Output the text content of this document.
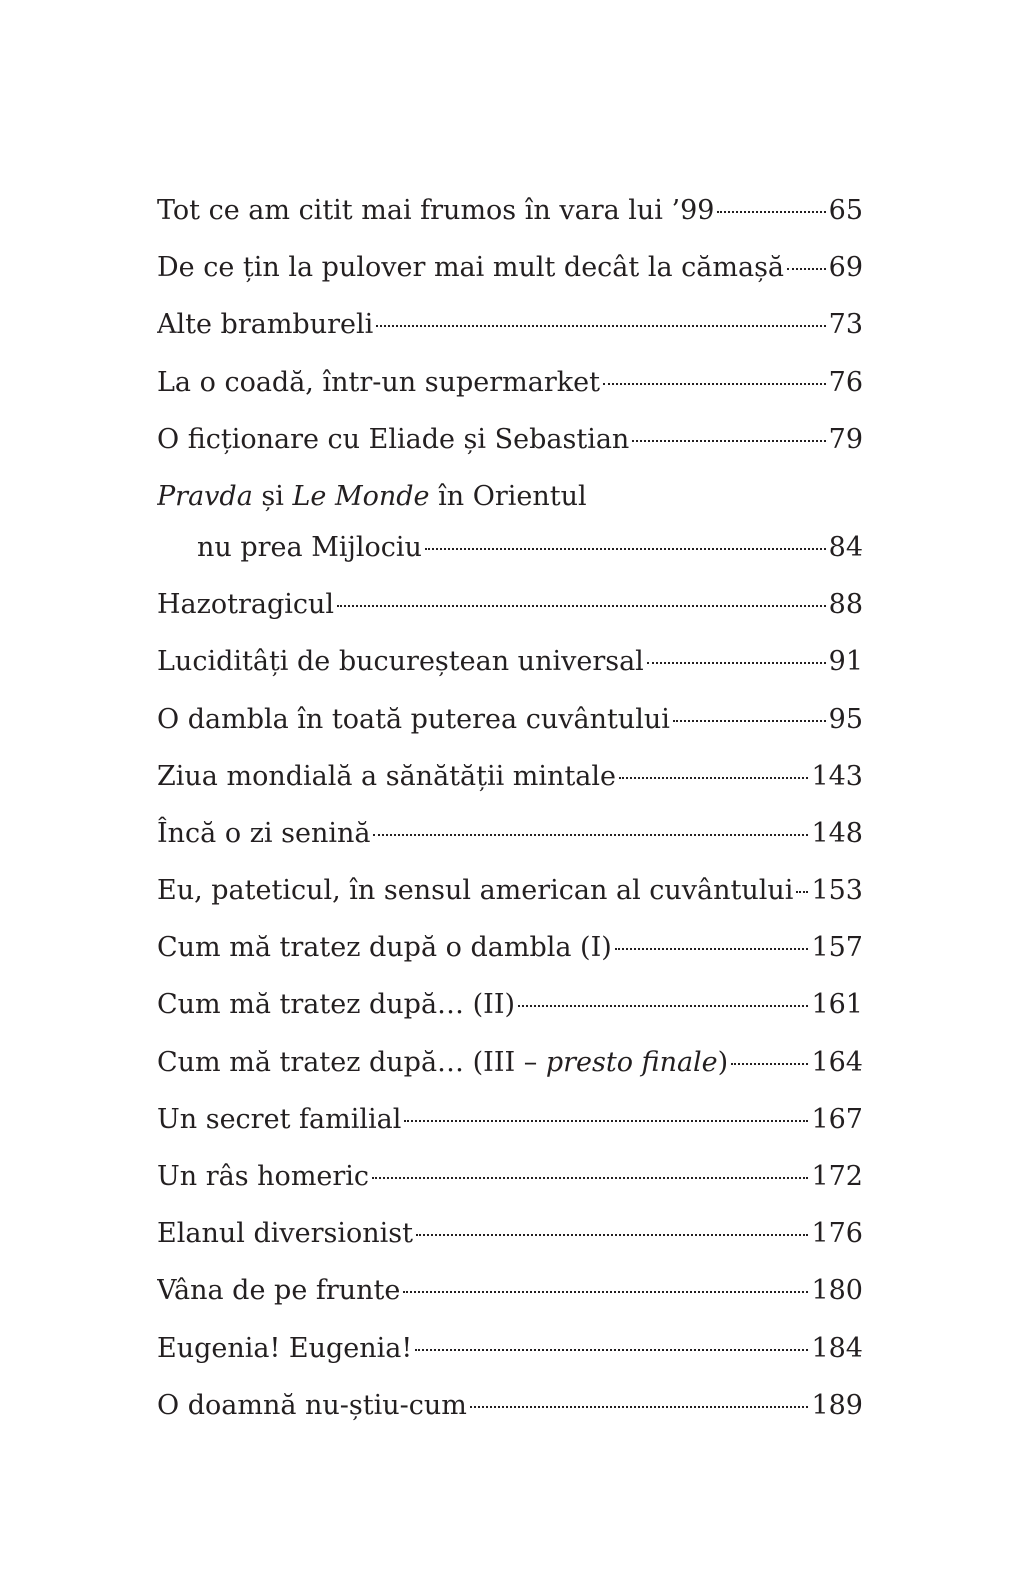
Tot ce am citit mai frumos în vara lui ’99	65
De ce țin la pulover mai mult decât la cămașă 69
Alte brambureli	73
La o coadă, într-un supermarket	76
O ficționare cu Eliade și Sebastian	79
Pravda și Le Monde în Orientul
nu prea Mijlociu	84
Hazotragicul	88
Luciditâți de bucureștean universal	91
O dambla în toată puterea cuvântului	95
Ziua mondială a sănătății mintale	143
Încă o zi senină	148
Eu, pateticul, în sensul american al cuvântului 153
Cum mă tratez după o dambla (I)	157
Cum mă tratez după… (II)	161
Cum mă tratez după… (III – presto finale)	164
Un secret familial	167
Un râs homeric	172
Elanul diversionist	176
Vâna de pe frunte	180
Eugenia! Eugenia!	184
O doamnă nu-știu-cum	189
